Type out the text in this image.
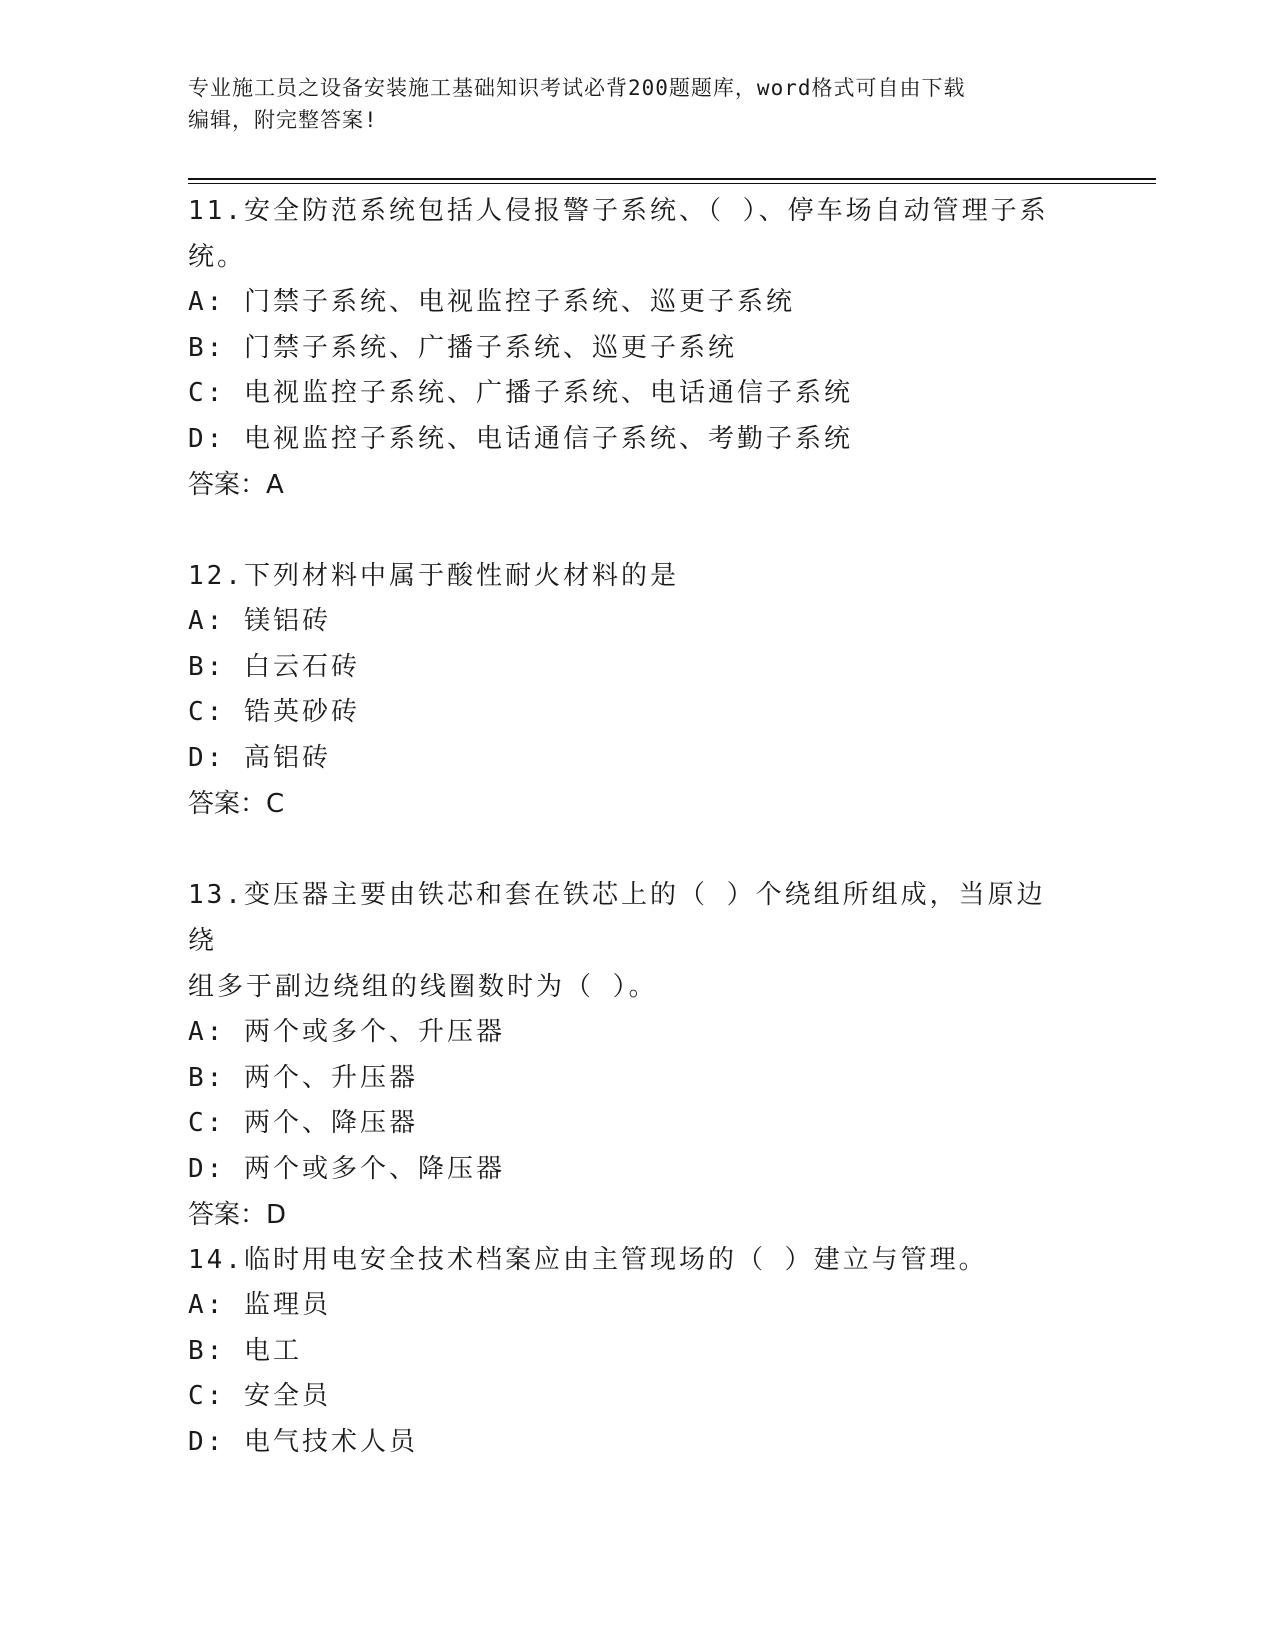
专业施工员之设备安装施工基础知识考试必背200题题库，word格式可自由下载
编辑，附完整答案!
11.安全防范系统包括人侵报警子系统、（ ）、停车场自动管理子系
统。
A: 门禁子系统、电视监控子系统、巡更子系统
B: 门禁子系统、广播子系统、巡更子系统
C: 电视监控子系统、广播子系统、电话通信子系统
D: 电视监控子系统、电话通信子系统、考勤子系统
答案：A
12.下列材料中属于酸性耐火材料的是
A: 镁铝砖
B: 白云石砖
C: 锆英砂砖
D: 高铝砖
答案：C
13.变压器主要由铁芯和套在铁芯上的（ ）个绕组所组成，当原边绕
组多于副边绕组的线圈数时为（ ）。
A: 两个或多个、升压器
B: 两个、升压器
C: 两个、降压器
D: 两个或多个、降压器
答案：D
14.临时用电安全技术档案应由主管现场的（ ）建立与管理。
A: 监理员
B: 电工
C: 安全员
D: 电气技术人员
